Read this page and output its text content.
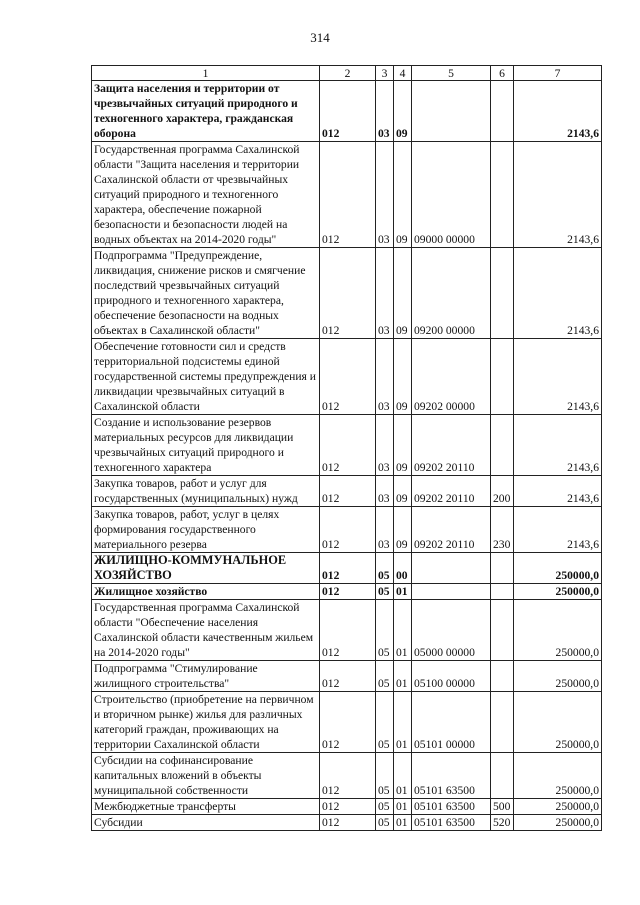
314
1	2	3	4	5	6	7
Защита населения и территории от чрезвычайных ситуаций природного и техногенного характера, гражданская оборона	012	03	09			2143,6
Государственная программа Сахалинской области "Защита населения и территории Сахалинской области от чрезвычайных ситуаций природного и техногенного характера, обеспечение пожарной безопасности и безопасности людей на водных объектах на 2014-2020 годы"	012	03	09	09000 00000		2143,6
Подпрограмма "Предупреждение, ликвидация, снижение рисков и смягчение последствий чрезвычайных ситуаций природного и техногенного характера, обеспечение безопасности на водных объектах в Сахалинской области"	012	03	09	09200 00000		2143,6
Обеспечение готовности сил и средств территориальной подсистемы единой государственной системы предупреждения и ликвидации чрезвычайных ситуаций в Сахалинской области	012	03	09	09202 00000		2143,6
Создание и использование резервов материальных ресурсов для ликвидации чрезвычайных ситуаций природного и техногенного характера	012	03	09	09202 20110		2143,6
Закупка товаров, работ и услуг для государственных (муниципальных) нужд	012	03	09	09202 20110	200	2143,6
Закупка товаров, работ, услуг в целях формирования государственного материального резерва	012	03	09	09202 20110	230	2143,6
ЖИЛИЩНО-КОММУНАЛЬНОЕ ХОЗЯЙСТВО	012	05	00			250000,0
Жилищное хозяйство	012	05	01			250000,0
Государственная программа Сахалинской области "Обеспечение населения Сахалинской области качественным жильем на 2014-2020 годы"	012	05	01	05000 00000		250000,0
Подпрограмма "Стимулирование жилищного строительства"	012	05	01	05100 00000		250000,0
Строительство (приобретение на первичном и вторичном рынке) жилья для различных категорий граждан, проживающих на территории Сахалинской области	012	05	01	05101 00000		250000,0
Субсидии на софинансирование капитальных вложений в объекты муниципальной собственности	012	05	01	05101 63500		250000,0
Межбюджетные трансферты	012	05	01	05101 63500	500	250000,0
Субсидии	012	05	01	05101 63500	520	250000,0
